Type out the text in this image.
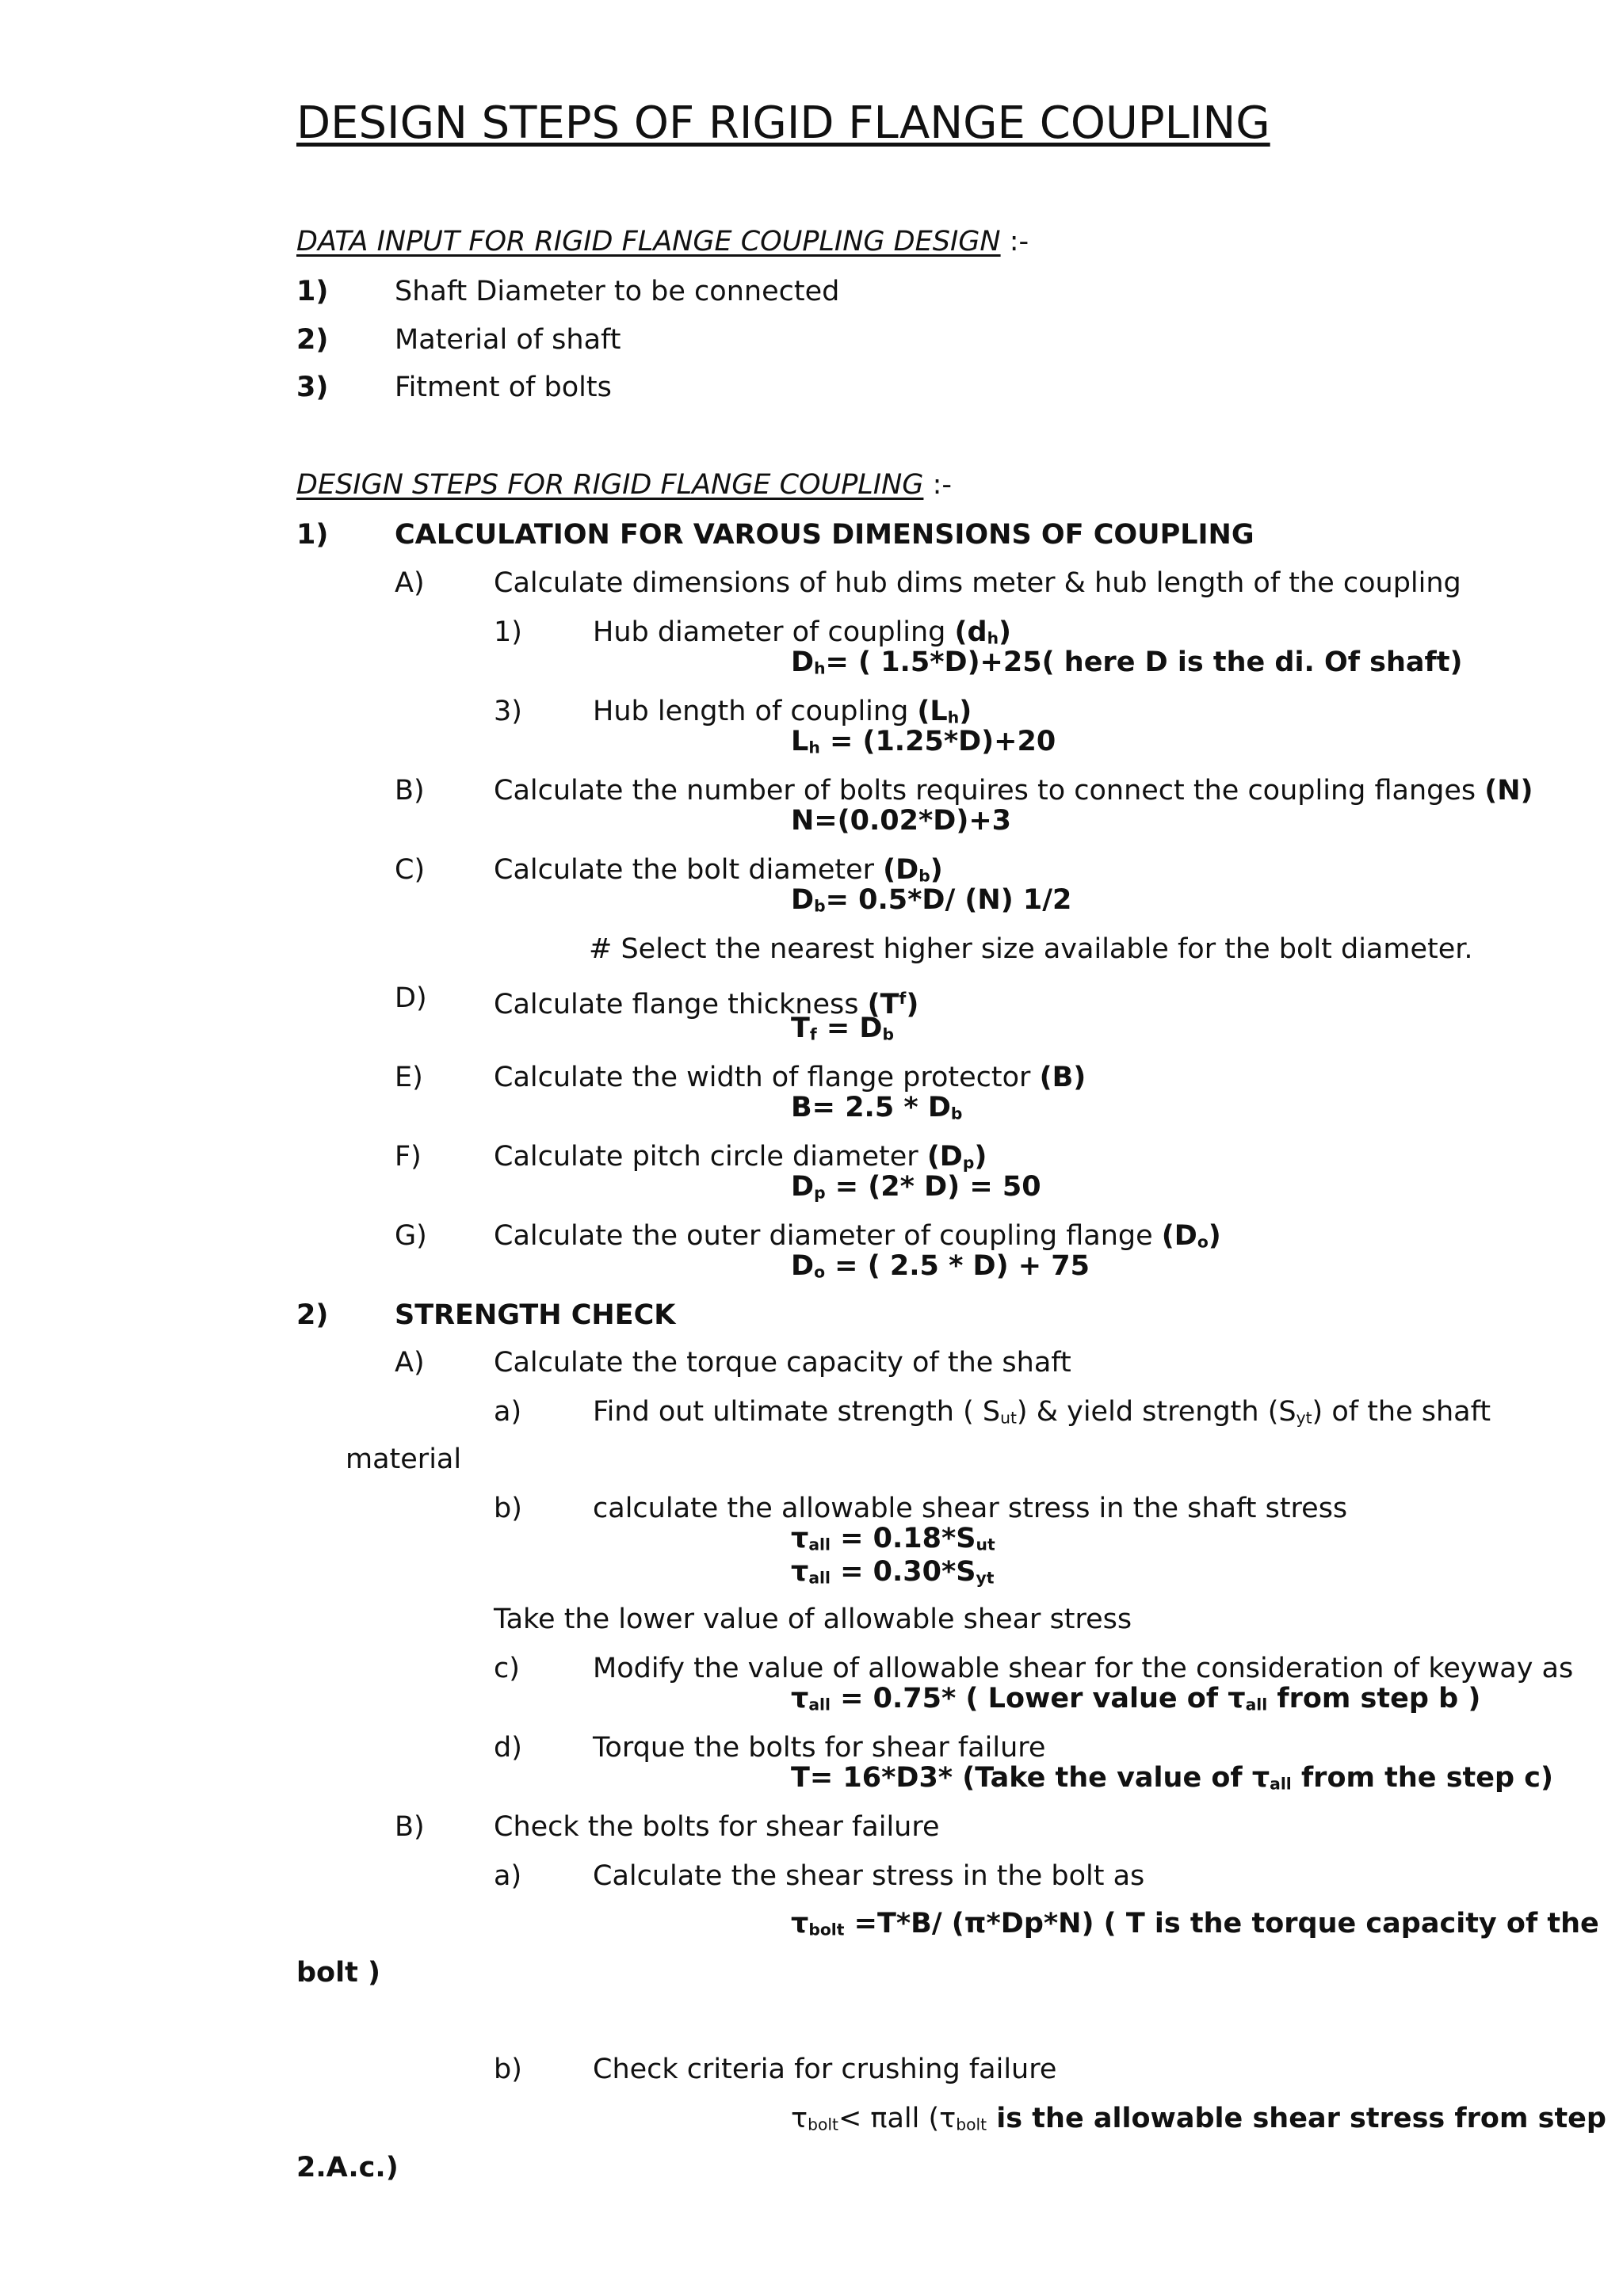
DESIGN STEPS OF RIGID FLANGE COUPLING
DATA INPUT FOR RIGID FLANGE COUPLING DESIGN :-
1) Shaft Diameter to be connected
2) Material of shaft
3) Fitment of bolts
DESIGN STEPS FOR RIGID FLANGE COUPLING :-
1) CALCULATION FOR VAROUS DIMENSIONS OF COUPLING
A) Calculate dimensions of hub dims meter & hub length of the coupling
1)	Hub diameter of coupling (dh)
Dh= ( 1.5*D)+25( here D is the di. Of shaft)
3)	Hub length of coupling (Lh)
Lh = (1.25*D)+20
B) Calculate the number of bolts requires to connect the coupling flanges (N)
N=(0.02*D)+3
C) Calculate the bolt diameter (Db)
Db= 0.5*D/ (N) 1/2
# Select the nearest higher size available for the bolt diameter.
D) Calculate flange thickness $(T^f)$
Tf = Db
E)	Calculate the width of flange protector (B)
B= 2.5 * Db
F)	Calculate pitch circle diameter (Dp)
Dp = (2* D) = 50
G) Calculate the outer diameter of coupling flange (Do)
Do = ( 2.5 * D) + 75
2) STRENGTH CHECK
A) Calculate the torque capacity of the shaft
a)	Find out ultimate strength ( Sut) & yield strength (Syt) of the shaft
material
b)	calculate the allowable shear stress in the shaft stress
τall = 0.18*Sut
τall = 0.30*Syt
Take the lower value of allowable shear stress
c)	Modify the value of allowable shear for the consideration of keyway as
τall = 0.75* ( Lower value of τall from step b )
d)	Torque the bolts for shear failure
T= 16*D3* (Take the value of τall from the step c)
B) Check the bolts for shear failure
a)	Calculate the shear stress in the bolt as
τbolt =T*B/ (π*Dp*N) ( T is the torque capacity of the
bolt )
b)	Check criteria for crushing failure
τbolt< πall (τbolt is the allowable shear stress from step
2.A.c.)
